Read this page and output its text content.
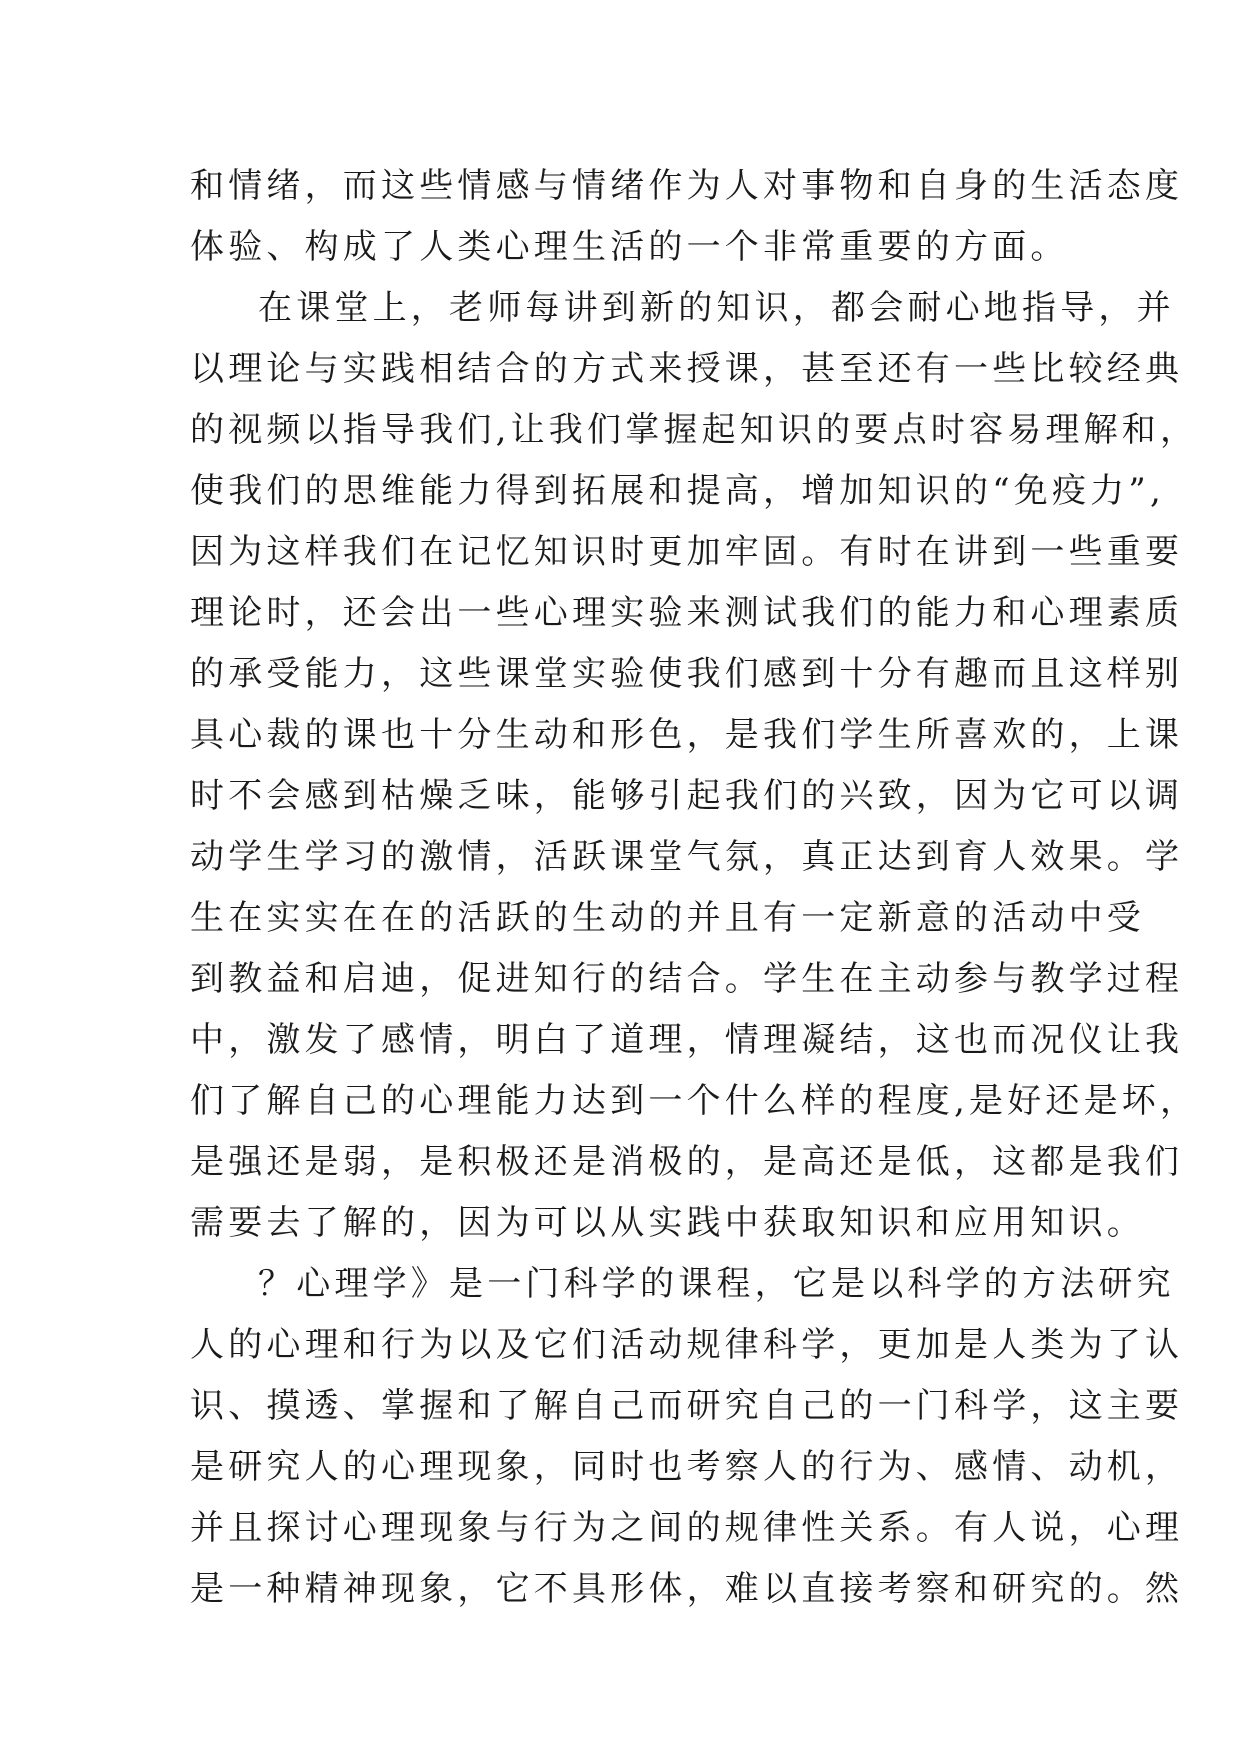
和情绪，而这些情感与情绪作为人对事物和自身的生活态度
体验、构成了人类心理生活的一个非常重要的方面。
在课堂上，老师每讲到新的知识，都会耐心地指导，并
以理论与实践相结合的方式来授课，甚至还有一些比较经典
的视频以指导我们,让我们掌握起知识的要点时容易理解和，
使我们的思维能力得到拓展和提高，增加知识的“免疫力”,
因为这样我们在记忆知识时更加牢固。有时在讲到一些重要
理论时，还会出一些心理实验来测试我们的能力和心理素质
的承受能力，这些课堂实验使我们感到十分有趣而且这样别
具心裁的课也十分生动和形色，是我们学生所喜欢的，上课
时不会感到枯燥乏味，能够引起我们的兴致，因为它可以调
动学生学习的激情，活跃课堂气氛，真正达到育人效果。学
生在实实在在的活跃的生动的并且有一定新意的活动中受
到教益和启迪，促进知行的结合。学生在主动参与教学过程
中，激发了感情，明白了道理，情理凝结，这也而况仪让我
们了解自己的心理能力达到一个什么样的程度,是好还是坏，
是强还是弱，是积极还是消极的，是高还是低，这都是我们
需要去了解的，因为可以从实践中获取知识和应用知识。
？心理学》是一门科学的课程，它是以科学的方法研究
人的心理和行为以及它们活动规律科学，更加是人类为了认
识、摸透、掌握和了解自己而研究自己的一门科学，这主要
是研究人的心理现象，同时也考察人的行为、感情、动机，
并且探讨心理现象与行为之间的规律性关系。有人说，心理
是一种精神现象，它不具形体，难以直接考察和研究的。然
